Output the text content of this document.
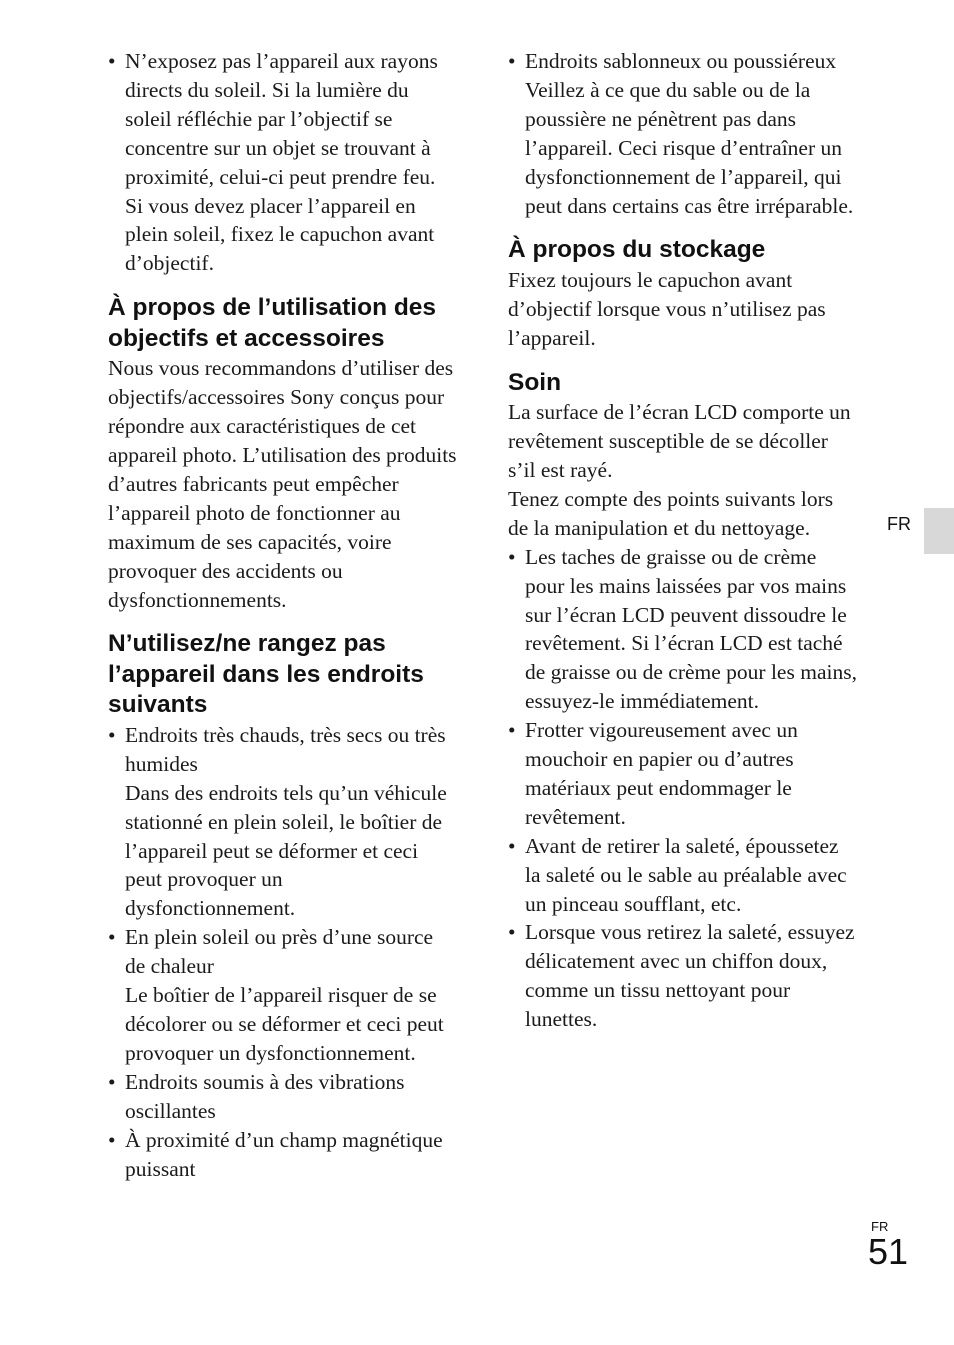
• N’exposez pas l’appareil aux rayons directs du soleil. Si la lumière du soleil réfléchie par l’objectif se concentre sur un objet se trouvant à proximité, celui-ci peut prendre feu. Si vous devez placer l’appareil en plein soleil, fixez le capuchon avant d’objectif.
À propos de l’utilisation des objectifs et accessoires

Nous vous recommandons d’utiliser des objectifs/accessoires Sony conçus pour répondre aux caractéristiques de cet appareil photo. L’utilisation des produits d’autres fabricants peut empêcher l’appareil photo de fonctionner au maximum de ses capacités, voire provoquer des accidents ou dysfonctionnements.

N’utilisez/ne rangez pas l’appareil dans les endroits suivants
• Endroits très chauds, très secs ou très humides
Dans des endroits tels qu’un véhicule stationné en plein soleil, le boîtier de l’appareil peut se déformer et ceci peut provoquer un dysfonctionnement.
• En plein soleil ou près d’une source de chaleur
Le boîtier de l’appareil risquer de se décolorer ou se déformer et ceci peut provoquer un dysfonctionnement.
• Endroits soumis à des vibrations oscillantes
• À proximité d’un champ magnétique puissant
• Endroits sablonneux ou poussiéreux
Veillez à ce que du sable ou de la poussière ne pénètrent pas dans l’appareil. Ceci risque d’entraîner un dysfonctionnement de l’appareil, qui peut dans certains cas être irréparable.
À propos du stockage

Fixez toujours le capuchon avant d’objectif lorsque vous n’utilisez pas l’appareil.

Soin

La surface de l’écran LCD comporte un revêtement susceptible de se décoller s’il est rayé.

Tenez compte des points suivants lors de la manipulation et du nettoyage.

• Les taches de graisse ou de crème pour les mains laissées par vos mains sur l’écran LCD peuvent dissoudre le revêtement. Si l’écran LCD est taché de graisse ou de crème pour les mains, essuyez-le immédiatement.
• Frotter vigoureusement avec un mouchoir en papier ou d’autres matériaux peut endommager le revêtement.
• Avant de retirer la saleté, époussetez la saleté ou le sable au préalable avec un pinceau soufflant, etc.
• Lorsque vous retirez la saleté, essuyez délicatement avec un chiffon doux, comme un tissu nettoyant pour lunettes.
FR
FR
51
